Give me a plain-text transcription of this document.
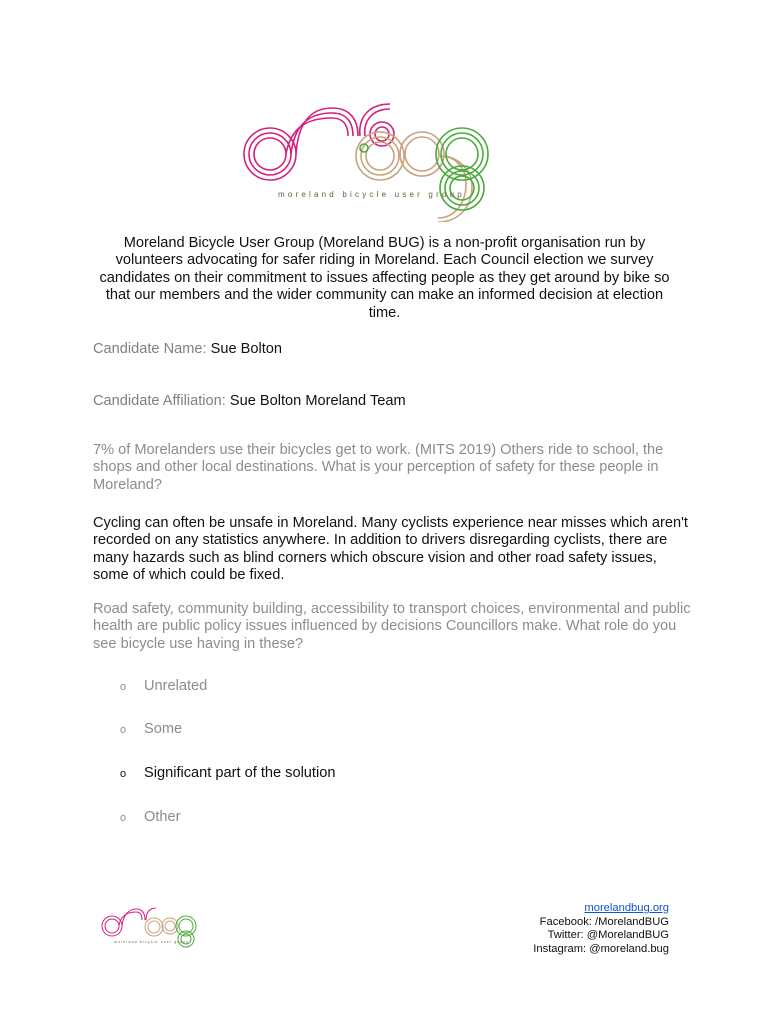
moreland bicycle user group

Moreland Bicycle User Group (Moreland BUG) is a non-profit organisation run by volunteers advocating for safer riding in Moreland. Each Council election we survey candidates on their commitment to issues affecting people as they get around by bike so that our members and the wider community can make an informed decision at election time.

Candidate Name: Sue Bolton
Candidate Affiliation: Sue Bolton Moreland Team

7% of Morelanders use their bicycles get to work. (MITS 2019) Others ride to school, the shops and other local destinations. What is your perception of safety for these people in Moreland?

Cycling can often be unsafe in Moreland. Many cyclists experience near misses which aren't recorded on any statistics anywhere. In addition to drivers disregarding cyclists, there are many hazards such as blind corners which obscure vision and other road safety issues, some of which could be fixed.

Road safety, community building, accessibility to transport choices, environmental and public health are public policy issues influenced by decisions Councillors make. What role do you see bicycle use having in these?

o Unrelated
o Some
o Significant part of the solution
o Other
moreland bicycle user group
morelandbug.org
Facebook: /MorelandBUG
Twitter: @MorelandBUG
Instagram: @moreland.bug
